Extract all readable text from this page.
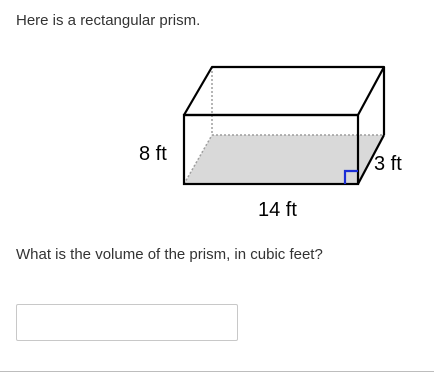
Here is a rectangular prism.

8 ft
14 ft
3 ft

What is the volume of the prism, in cubic feet?
